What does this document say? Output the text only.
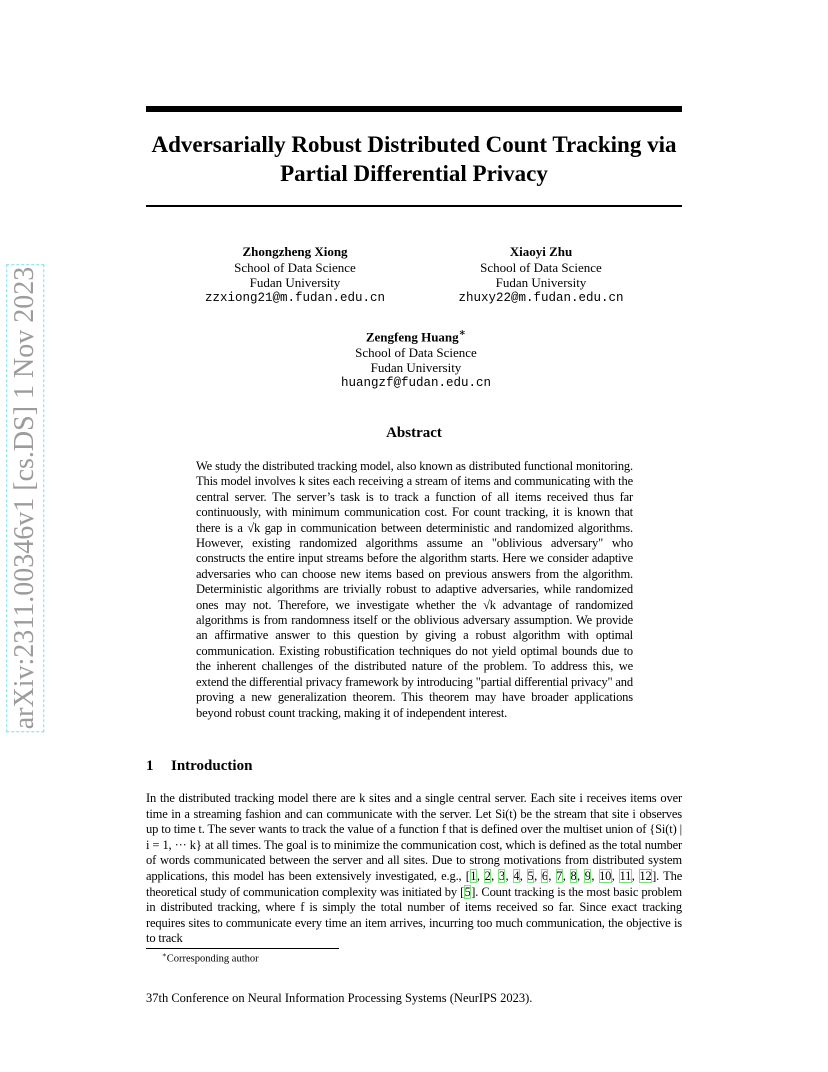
arXiv:2311.00346v1 [cs.DS] 1 Nov 2023
Adversarially Robust Distributed Count Tracking via Partial Differential Privacy
Zhongzheng Xiong
School of Data Science
Fudan University
zzxiong21@m.fudan.edu.cn
Xiaoyi Zhu
School of Data Science
Fudan University
zhuxy22@m.fudan.edu.cn
Zengfeng Huang∗
School of Data Science
Fudan University
huangzf@fudan.edu.cn
Abstract

We study the distributed tracking model, also known as distributed functional monitoring. This model involves k sites each receiving a stream of items and communicating with the central server. The server’s task is to track a function of all items received thus far continuously, with minimum communication cost. For count tracking, it is known that there is a √k gap in communication between deterministic and randomized algorithms. However, existing randomized algorithms assume an "oblivious adversary" who constructs the entire input streams before the algorithm starts. Here we consider adaptive adversaries who can choose new items based on previous answers from the algorithm. Deterministic algorithms are trivially robust to adaptive adversaries, while randomized ones may not. Therefore, we investigate whether the √k advantage of randomized algorithms is from randomness itself or the oblivious adversary assumption. We provide an affirmative answer to this question by giving a robust algorithm with optimal communication. Existing robustification techniques do not yield optimal bounds due to the inherent challenges of the distributed nature of the problem. To address this, we extend the differential privacy framework by introducing "partial differential privacy" and proving a new generalization theorem. This theorem may have broader applications beyond robust count tracking, making it of independent interest.

1 Introduction

In the distributed tracking model there are k sites and a single central server. Each site i receives items over time in a streaming fashion and can communicate with the server. Let Si(t) be the stream that site i observes up to time t. The sever wants to track the value of a function f that is defined over the multiset union of {Si(t) | i = 1, ··· k} at all times. The goal is to minimize the communication cost, which is defined as the total number of words communicated between the server and all sites. Due to strong motivations from distributed system applications, this model has been extensively investigated, e.g., [1, 2, 3, 4, 5, 6, 7, 8, 9, 10, 11, 12]. The theoretical study of communication complexity was initiated by [5]. Count tracking is the most basic problem in distributed tracking, where f is simply the total number of items received so far. Since exact tracking requires sites to communicate every time an item arrives, incurring too much communication, the objective is to track

∗Corresponding author
37th Conference on Neural Information Processing Systems (NeurIPS 2023).
